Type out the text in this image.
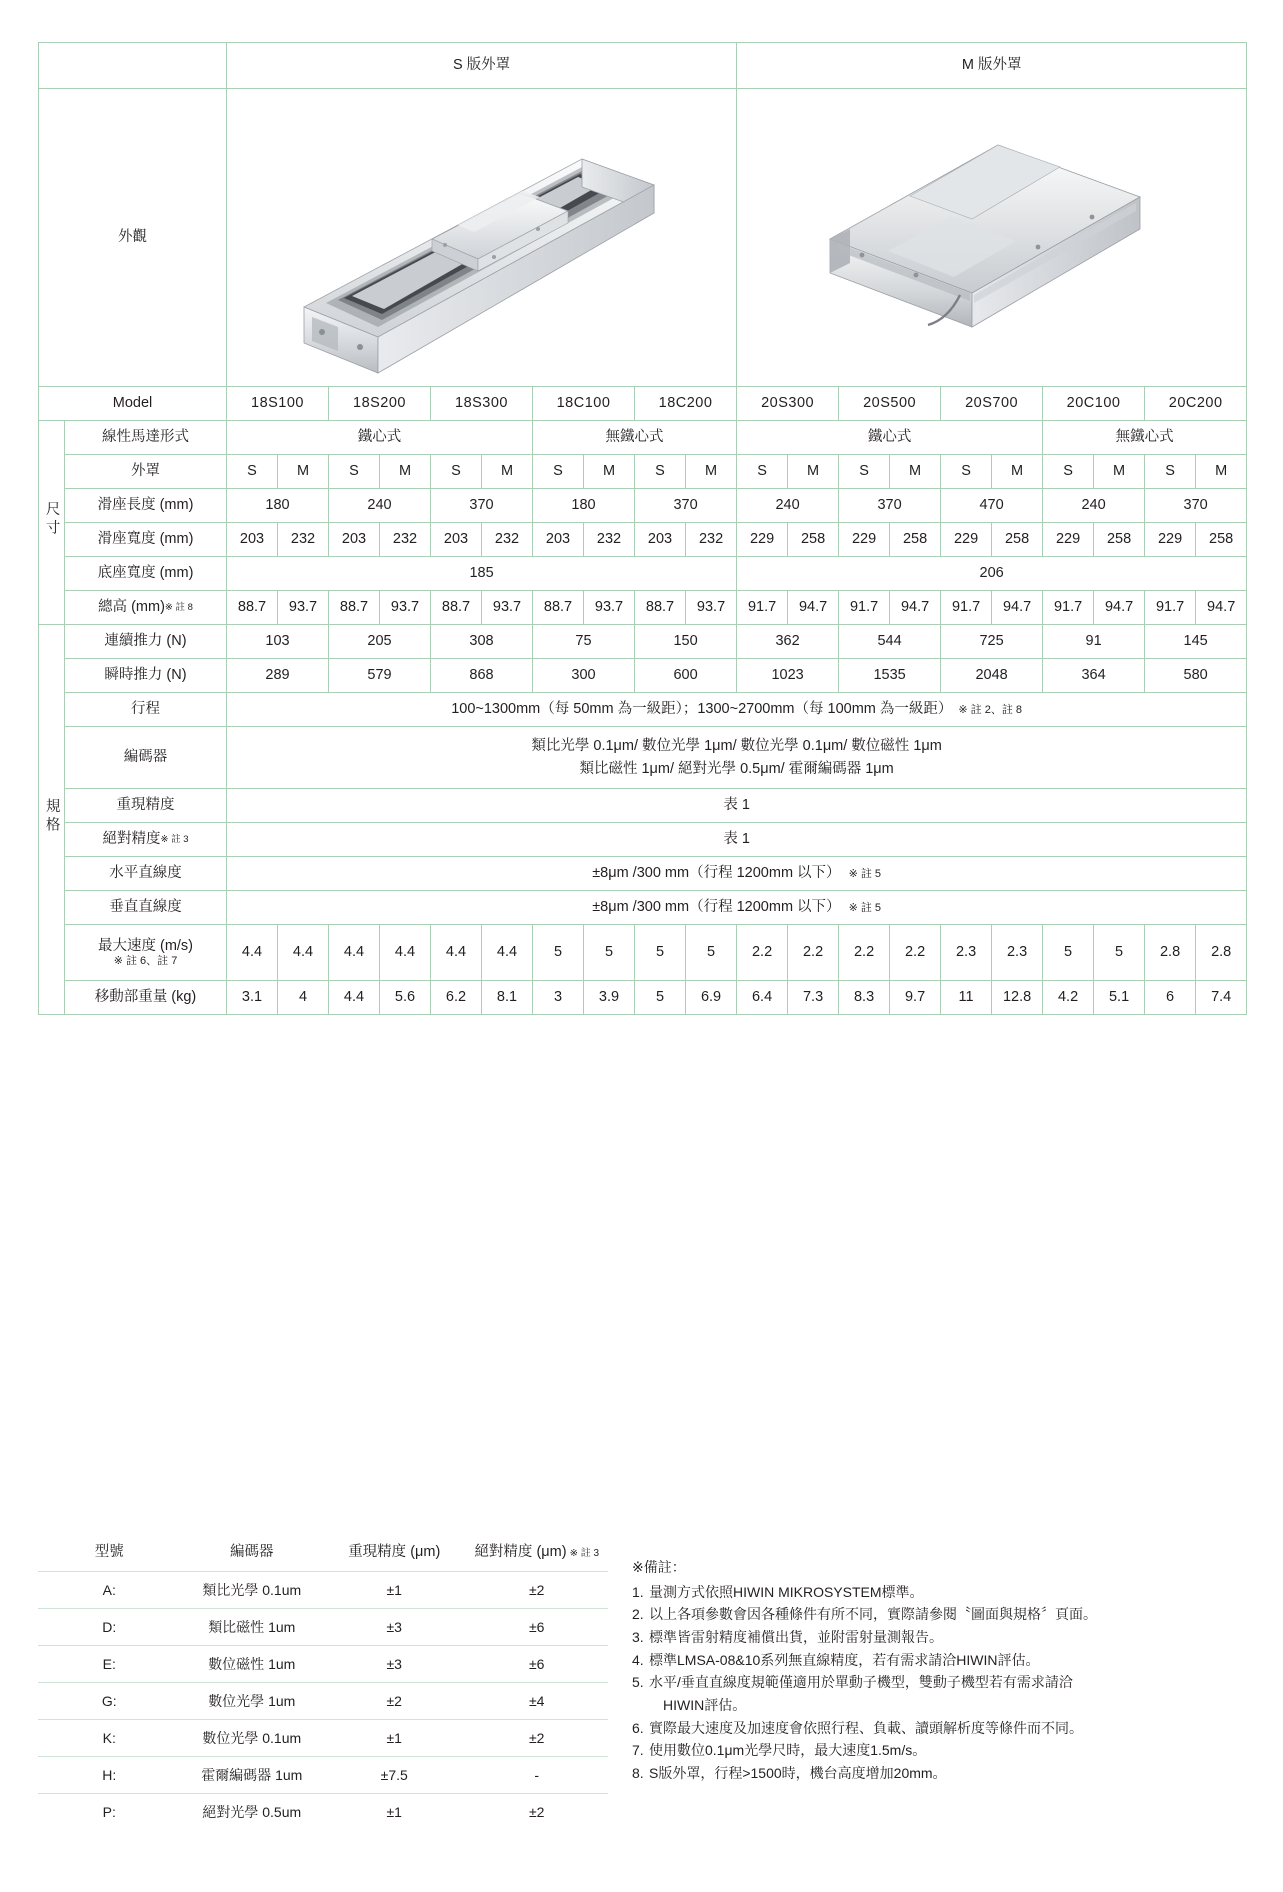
		S 版外罩										M 版外罩									
外觀	

Model		18S100		18S200		18S300		18C100		18C200		20S300		20S500		20S700		20C100		20C200	
尺寸	線性馬達形式	鐵心式						無鐵心式				鐵心式						無鐵心式			
	外罩	S	M	S	M	S	M	S	M	S	M	S	M	S	M	S	M	S	M	S	M
	滑座長度 (mm)	180		240		370		180		370		240		370		470		240		370	
	滑座寬度 (mm)	203	232	203	232	203	232	203	232	203	232	229	258	229	258	229	258	229	258	229	258
	底座寬度 (mm)	185										206									
	總高 (mm)※ 註 8	88.7	93.7	88.7	93.7	88.7	93.7	88.7	93.7	88.7	93.7	91.7	94.7	91.7	94.7	91.7	94.7	91.7	94.7	91.7	94.7
規格	連續推力 (N)	103		205		308		75		150		362		544		725		91		145	
	瞬時推力 (N)	289		579		868		300		600		1023		1535		2048		364		580	
	行程	100~1300mm（每 50mm 為一級距）；1300~2700mm（每 100mm 為一級距） ※ 註 2、註 8																			
	編碼器	類比光學 0.1μm/ 數位光學 1μm/ 數位光學 0.1μm/ 數位磁性 1μm
類比磁性 1μm/ 絕對光學 0.5μm/ 霍爾編碼器 1μm																			

	重現精度	表 1																			
	絕對精度※ 註 3	表 1																			
	水平直線度	±8μm /300 mm（行程 1200mm 以下） ※ 註 5																			
	垂直直線度	±8μm /300 mm（行程 1200mm 以下） ※ 註 5																			

	最大速度 (m/s)
※ 註 6、註 7	4.4	4.4	4.4	4.4	4.4	4.4	5	5	5	5	2.2	2.2	2.2	2.2	2.3	2.3	5	5	2.8	2.8
	移動部重量 (kg)	3.1	4	4.4	5.6	6.2	8.1	3	3.9	5	6.9	6.4	7.3	8.3	9.7	11	12.8	4.2	5.1	6	7.4
型號	編碼器	重現精度 (μm)	絕對精度 (μm) ※ 註 3
A:	類比光學 0.1um	±1	±2
D:	類比磁性 1um	±3	±6
E:	數位磁性 1um	±3	±6
G:	數位光學 1um	±2	±4
K:	數位光學 0.1um	±1	±2
H:	霍爾編碼器 1um	±7.5	-
P:	絕對光學 0.5um	±1	±2
※備註：
1. 量測方式依照HIWIN MIKROSYSTEM標準。
2. 以上各項參數會因各種條件有所不同，實際請參閱〝圖面與規格〞頁面。
3. 標準皆雷射精度補償出貨，並附雷射量測報告。
4. 標準LMSA-08&10系列無直線精度，若有需求請洽HIWIN評估。
5. 水平/垂直直線度規範僅適用於單動子機型，雙動子機型若有需求請洽
HIWIN評估。
6. 實際最大速度及加速度會依照行程、負載、讀頭解析度等條件而不同。
7. 使用數位0.1μm光學尺時，最大速度1.5m/s。
8. S版外罩，行程>1500時，機台高度增加20mm。
